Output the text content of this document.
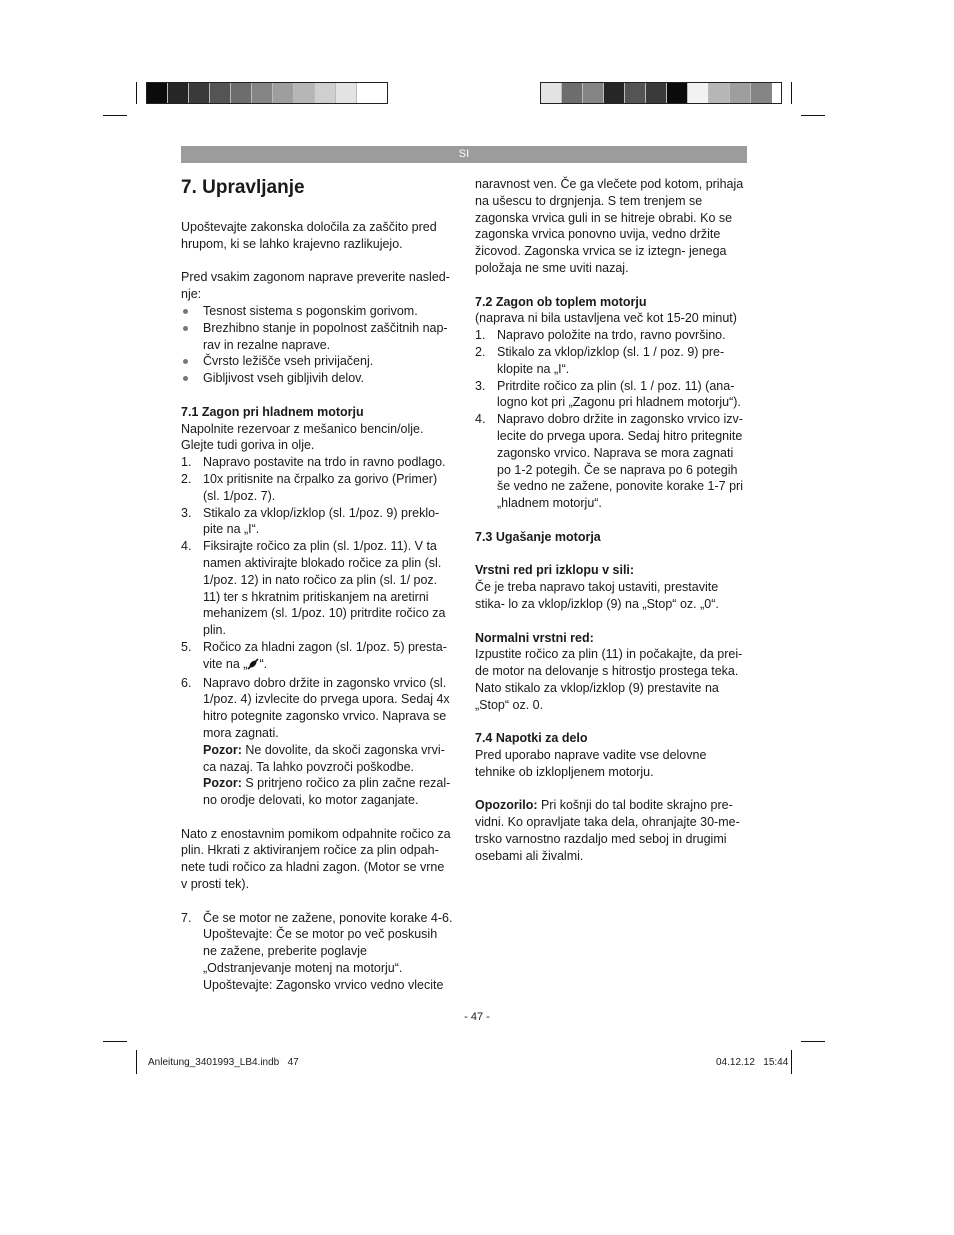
SI
7. Upravljanje

Upoštevajte zakonska določila za zaščito pred hrupom, ki se lahko krajevno razlikujejo.

Pred vsakim zagonom naprave preverite nasled- nje:

Tesnost sistema s pogonskim gorivom.
Brezhibno stanje in popolnost zaščitnih nap- rav in rezalne naprave.
Čvrsto ležišče vseh privijačenj.
Gibljivost vseh gibljivih delov.
7.1 Zagon pri hladnem motorju

Napolnite rezervoar z mešanico bencin/olje. Glejte tudi goriva in olje.

1. Napravo postavite na trdo in ravno podlago.
2. 10x pritisnite na črpalko za gorivo (Primer) (sl. 1/poz. 7).
3. Stikalo za vklop/izklop (sl. 1/poz. 9) preklo- pite na „I“.
4. Fiksirajte ročico za plin (sl. 1/poz. 11). V ta namen aktivirajte blokado ročice za plin (sl. 1/poz. 12) in nato ročico za plin (sl. 1/ poz. 11) ter s hkratnim pritiskanjem na aretirni mehanizem (sl. 1/poz. 10) pritrdite ročico za plin.
5. Ročico za hladni zagon (sl. 1/poz. 5) presta- vite na „ “.
6. Napravo dobro držite in zagonsko vrvico (sl. 1/poz. 4) izvlecite do prvega upora. Sedaj 4x hitro potegnite zagonsko vrvico. Naprava se mora zagnati.
Pozor: Ne dovolite, da skoči zagonska vrvi- ca nazaj. Ta lahko povzroči poškodbe.
Pozor: S pritrjeno ročico za plin začne rezal- no orodje delovati, ko motor zaganjate.

Nato z enostavnim pomikom odpahnite ročico za plin. Hkrati z aktiviranjem ročice za plin odpah- nete tudi ročico za hladni zagon. (Motor se vrne v prosti tek).

7. Če se motor ne zažene, ponovite korake 4-6. Upoštevajte: Če se motor po več poskusih ne zažene, preberite poglavje „Odstranjevanje motenj na motorju“.
Upoštevajte: Zagonsko vrvico vedno vlecite

naravnost ven. Če ga vlečete pod kotom, prihaja na ušescu to drgnjenja. S tem trenjem se zagonska vrvica guli in se hitreje obrabi. Ko se zagonska vrvica ponovno uvija, vedno držite žicovod. Zagonska vrvica se iz iztegn- jenega položaja ne sme uviti nazaj.

7.2 Zagon ob toplem motorju

(naprava ni bila ustavljena več kot 15-20 minut)

1. Napravo položite na trdo, ravno površino.
2. Stikalo za vklop/izklop (sl. 1 / poz. 9) pre- klopite na „I“.
3. Pritrdite ročico za plin (sl. 1 / poz. 11) (ana- logno kot pri „Zagonu pri hladnem motorju“).
4. Napravo dobro držite in zagonsko vrvico izv- lecite do prvega upora. Sedaj hitro pritegnite zagonsko vrvico. Naprava se mora zagnati po 1-2 potegih. Če se naprava po 6 potegih še vedno ne zažene, ponovite korake 1-7 pri „hladnem motorju“.
7.3 Ugašanje motorja
Vrstni red pri izklopu v sili:

Če je treba napravo takoj ustaviti, prestavite stika- lo za vklop/izklop (9) na „Stop“ oz. „0“.

Normalni vrstni red:

Izpustite ročico za plin (11) in počakajte, da prei- de motor na delovanje s hitrostjo prostega teka. Nato stikalo za vklop/izklop (9) prestavite na „Stop“ oz. 0.

7.4 Napotki za delo

Pred uporabo naprave vadite vse delovne tehnike ob izklopljenem motorju.

Opozorilo: Pri košnji do tal bodite skrajno pre- vidni. Ko opravljate taka dela, ohranjajte 30-me- trsko varnostno razdaljo med seboj in drugimi osebami ali živalmi.

- 47 -
Anleitung_3401993_LB4.indb   47	04.12.12   15:44
